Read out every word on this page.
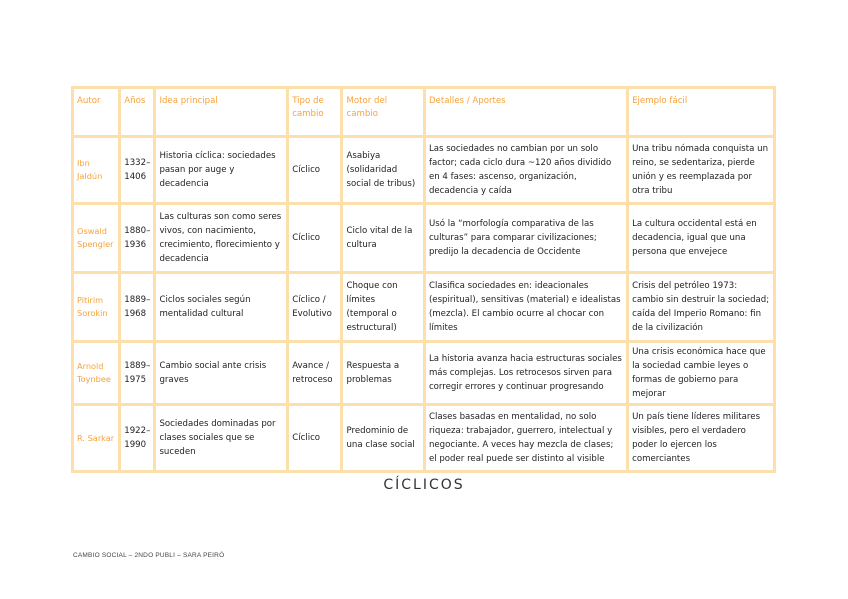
Autor	Años	Idea principal	Tipo de cambio	Motor del cambio	Detalles / Aportes	Ejemplo fácil
Ibn Jaldún	1332–1406	Historia cíclica: sociedades pasan por auge y decadencia	Cíclico	Asabiya (solidaridad social de tribus)	Las sociedades no cambian por un solo factor; cada ciclo dura ~120 años dividido en 4 fases: ascenso, organización, decadencia y caída	Una tribu nómada conquista un reino, se sedentariza, pierde unión y es reemplazada por otra tribu
Oswald Spengler	1880–1936	Las culturas son como seres vivos, con nacimiento, crecimiento, florecimiento y decadencia	Cíclico	Ciclo vital de la cultura	Usó la “morfología comparativa de las culturas” para comparar civilizaciones; predijo la decadencia de Occidente	La cultura occidental está en decadencia, igual que una persona que envejece
Pitirim Sorokin	1889–1968	Ciclos sociales según mentalidad cultural	Cíclico / Evolutivo	Choque con límites (temporal o estructural)	Clasifica sociedades en: ideacionales (espiritual), sensitivas (material) e idealistas (mezcla). El cambio ocurre al chocar con límites	Crisis del petróleo 1973: cambio sin destruir la sociedad; caída del Imperio Romano: fin de la civilización
Arnold Toynbee	1889–1975	Cambio social ante crisis graves	Avance / retroceso	Respuesta a problemas	La historia avanza hacia estructuras sociales más complejas. Los retrocesos sirven para corregir errores y continuar progresando	Una crisis económica hace que la sociedad cambie leyes o formas de gobierno para mejorar
R. Sarkar	1922–1990	Sociedades dominadas por clases sociales que se suceden	Cíclico	Predominio de una clase social	Clases basadas en mentalidad, no solo riqueza: trabajador, guerrero, intelectual y negociante. A veces hay mezcla de clases; el poder real puede ser distinto al visible	Un país tiene líderes militares visibles, pero el verdadero poder lo ejercen los comerciantes
CÍCLICOS
CAMBIO SOCIAL – 2NDO PUBLI – SARA PEIRÓ
